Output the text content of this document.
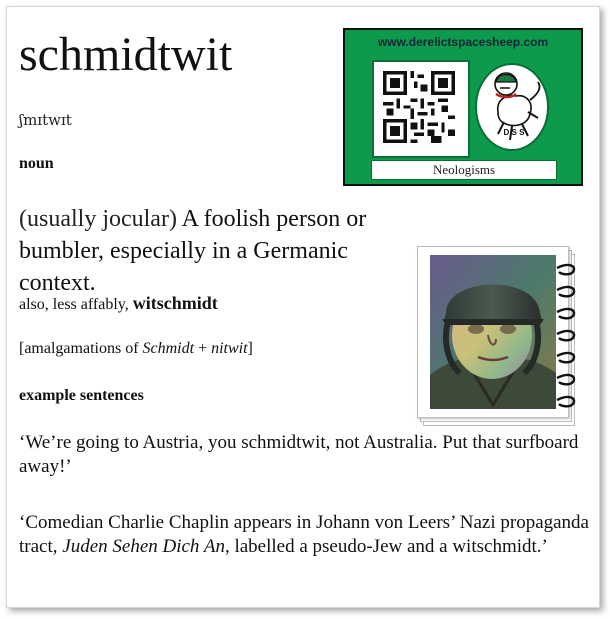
schmidtwit
ʃmɪtwɪt
noun

(usually jocular) A foolish person or bumbler, especially in a Germanic context.

also, less affably, witschmidt
[amalgamations of Schmidt + nitwit]
example sentences

‘We’re going to Austria, you schmidtwit, not Australia. Put that surfboard away!’

‘Comedian Charlie Chaplin appears in Johann von Leers’ Nazi propaganda tract, Juden Sehen Dich An, labelled a pseudo-Jew and a witschmidt.’

www.derelictspacesheep.com
D S S
Neologisms
